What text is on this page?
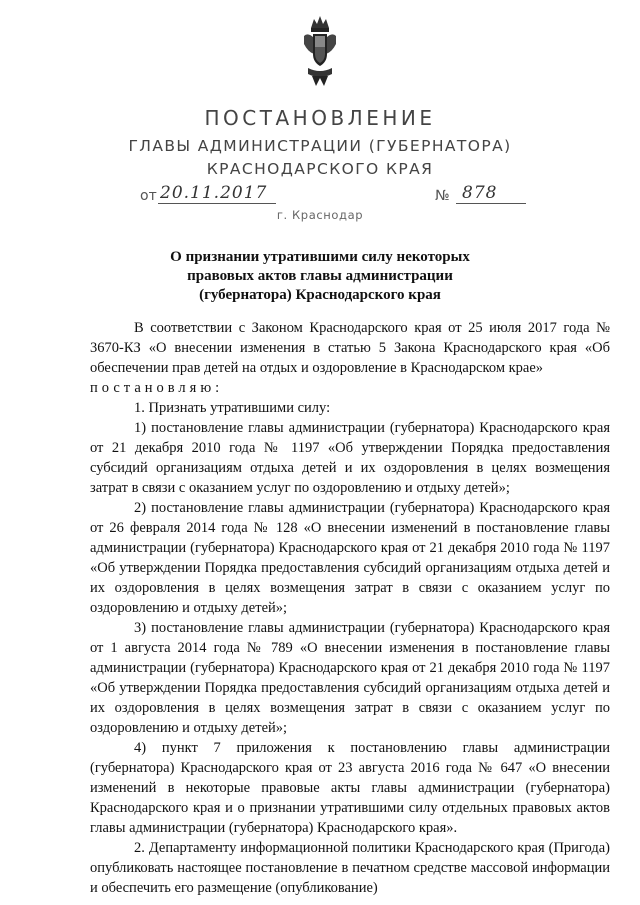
ПОСТАНОВЛЕНИЕ
ГЛАВЫ АДМИНИСТРАЦИИ (ГУБЕРНАТОРА)
КРАСНОДАРСКОГО КРАЯ
от 20.11.2017	№ 878
г. Краснодар
О признании утратившими силу некоторых
правовых актов главы администрации
(губернатора) Краснодарского края

В соответствии с Законом Краснодарского края от 25 июля 2017 года № 3670-КЗ «О внесении изменения в статью 5 Закона Краснодарского края «Об обеспечении прав детей на отдых и оздоровление в Краснодарском крае»

постановляю:

1. Признать утратившими силу:

1) постановление главы администрации (губернатора) Краснодарского края от 21 декабря 2010 года № 1197 «Об утверждении Порядка предоставления субсидий организациям отдыха детей и их оздоровления в целях возмещения затрат в связи с оказанием услуг по оздоровлению и отдыху детей»;

2) постановление главы администрации (губернатора) Краснодарского края от 26 февраля 2014 года № 128 «О внесении изменений в постановление главы администрации (губернатора) Краснодарского края от 21 декабря 2010 года № 1197 «Об утверждении Порядка предоставления субсидий организациям отдыха детей и их оздоровления в целях возмещения затрат в связи с оказанием услуг по оздоровлению и отдыху детей»;

3) постановление главы администрации (губернатора) Краснодарского края от 1 августа 2014 года № 789 «О внесении изменения в постановление главы администрации (губернатора) Краснодарского края от 21 декабря 2010 года № 1197 «Об утверждении Порядка предоставления субсидий организациям отдыха детей и их оздоровления в целях возмещения затрат в связи с оказанием услуг по оздоровлению и отдыху детей»;

4) пункт 7 приложения к постановлению главы администрации (губернатора) Краснодарского края от 23 августа 2016 года № 647 «О внесении изменений в некоторые правовые акты главы администрации (губернатора) Краснодарского края и о признании утратившими силу отдельных правовых актов главы администрации (губернатора) Краснодарского края».

2. Департаменту информационной политики Краснодарского края (Пригода) опубликовать настоящее постановление в печатном средстве массовой информации и обеспечить его размещение (опубликование)
